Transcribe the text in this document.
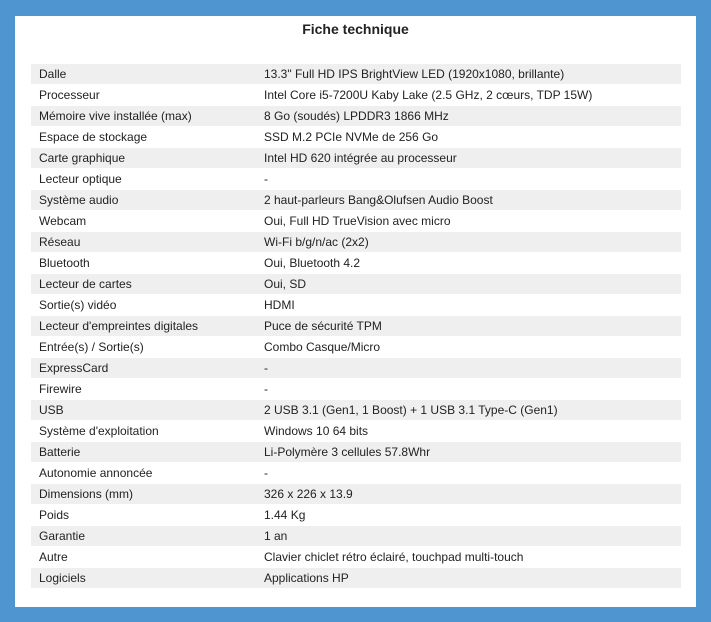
Fiche technique
Dalle	13.3" Full HD IPS BrightView LED (1920x1080, brillante)
Processeur	Intel Core i5-7200U Kaby Lake (2.5 GHz, 2 cœurs, TDP 15W)
Mémoire vive installée (max)	8 Go (soudés) LPDDR3 1866 MHz
Espace de stockage	SSD M.2 PCIe NVMe de 256 Go
Carte graphique	Intel HD 620 intégrée au processeur
Lecteur optique	-
Système audio	2 haut-parleurs Bang&Olufsen Audio Boost
Webcam	Oui, Full HD TrueVision avec micro
Réseau	Wi-Fi b/g/n/ac (2x2)
Bluetooth	Oui, Bluetooth 4.2
Lecteur de cartes	Oui, SD
Sortie(s) vidéo	HDMI
Lecteur d'empreintes digitales	Puce de sécurité TPM
Entrée(s) / Sortie(s)	Combo Casque/Micro
ExpressCard	-
Firewire	-
USB	2 USB 3.1 (Gen1, 1 Boost) + 1 USB 3.1 Type-C (Gen1)
Système d'exploitation	Windows 10 64 bits
Batterie	Li-Polymère 3 cellules 57.8Whr
Autonomie annoncée	-
Dimensions (mm)	326 x 226 x 13.9
Poids	1.44 Kg
Garantie	1 an
Autre	Clavier chiclet rétro éclairé, touchpad multi-touch
Logiciels	Applications HP
